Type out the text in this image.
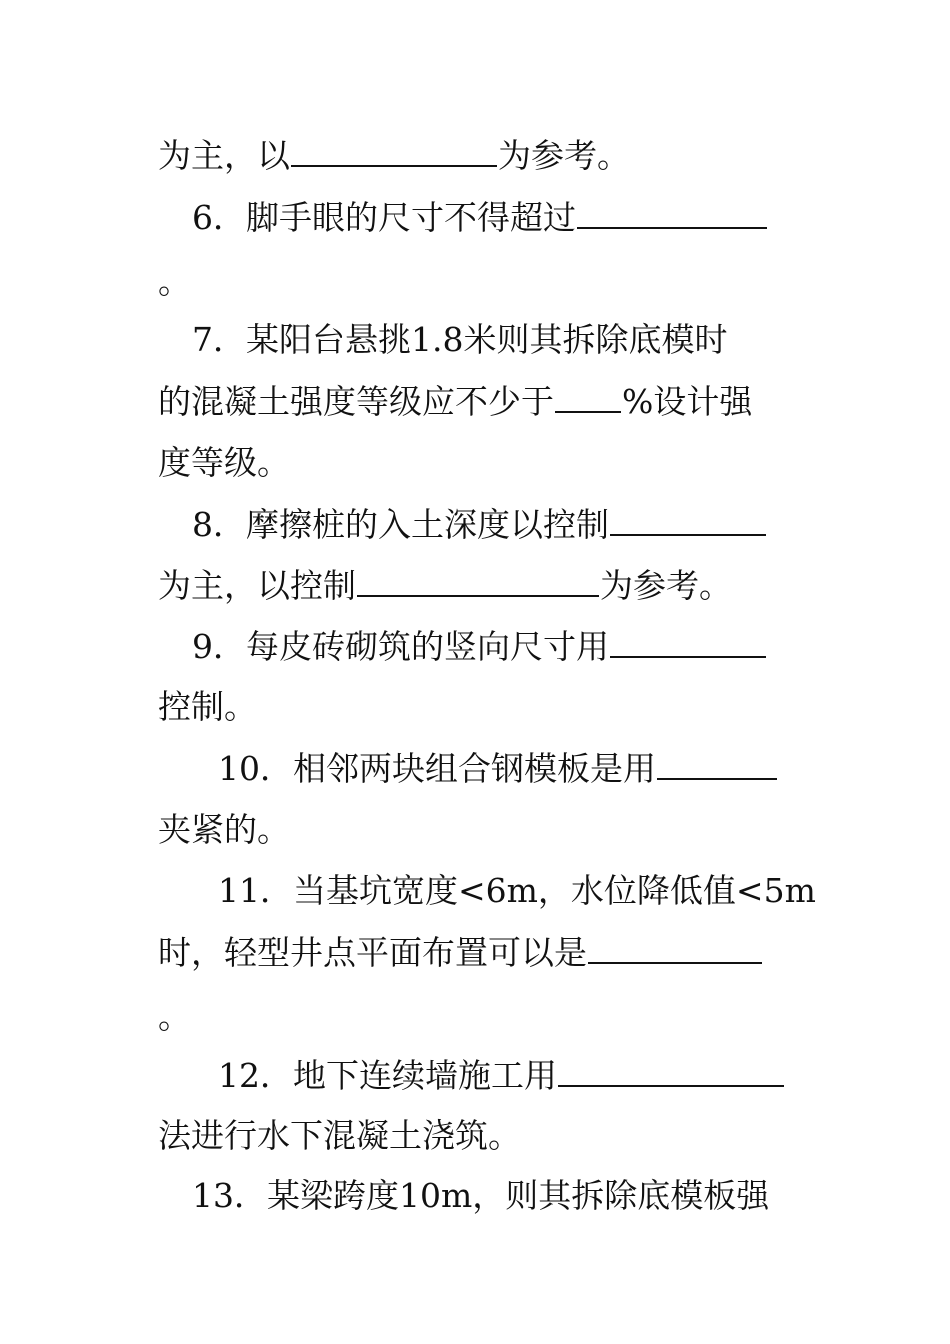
为主，以	为参考。
6．脚手眼的尺寸不得超过
。
7．某阳台悬挑1.8米则其拆除底模时
的混凝土强度等级应不少于 %设计强
度等级。
8．摩擦桩的入土深度以控制
为主，以控制	为参考。
9．每皮砖砌筑的竖向尺寸用
控制。
10．相邻两块组合钢模板是用
夹紧的。
11．当基坑宽度<6m，水位降低值<5m
时，轻型井点平面布置可以是
。
12．地下连续墙施工用
法进行水下混凝土浇筑。
13．某梁跨度10m，则其拆除底模板强
